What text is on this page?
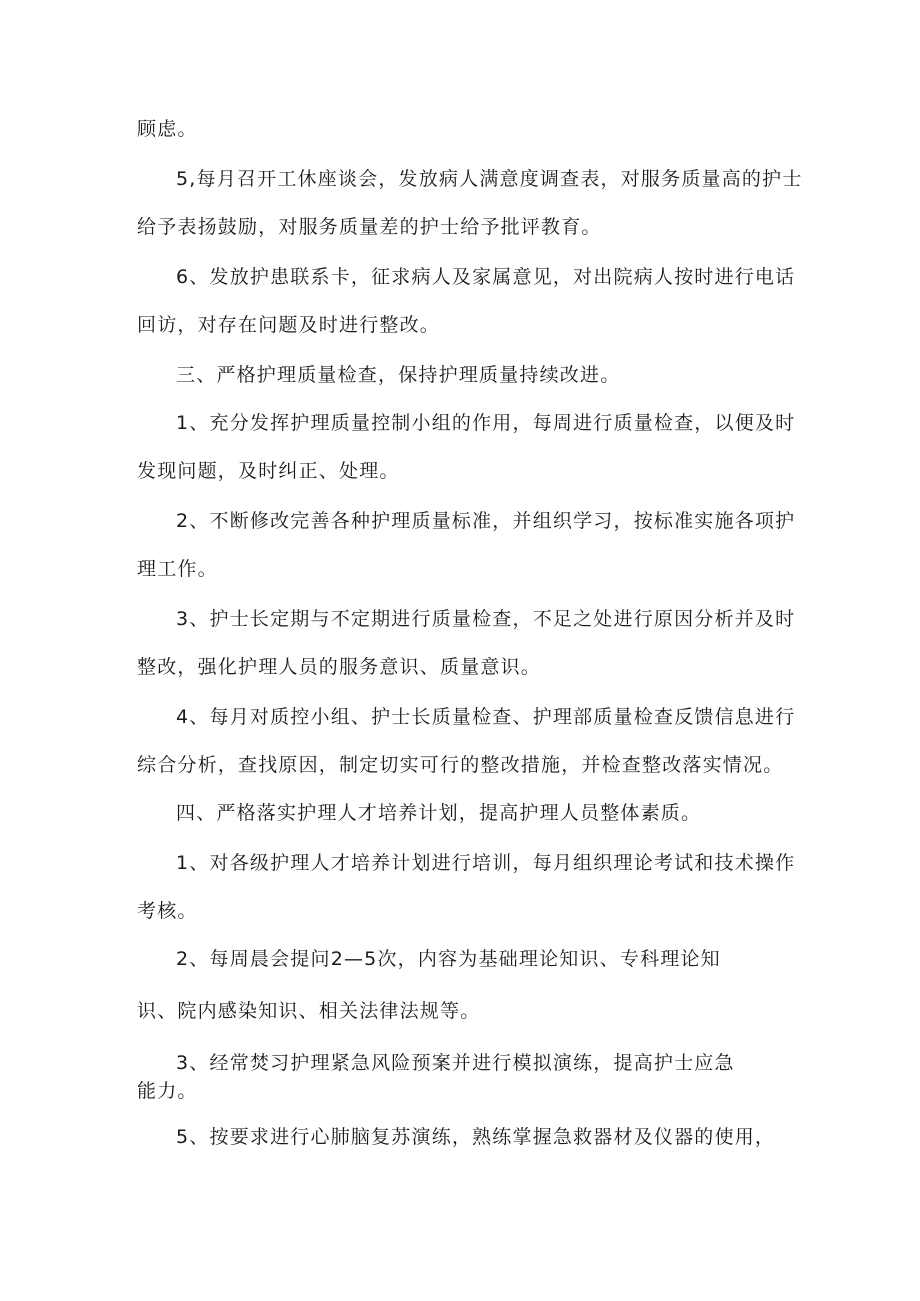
顾虑。
5,每月召开工休座谈会，发放病人满意度调查表，对服务质量高的护士
给予表扬鼓励，对服务质量差的护士给予批评教育。
6、发放护患联系卡，征求病人及家属意见，对出院病人按时进行电话
回访，对存在问题及时进行整改。
三、严格护理质量检查，保持护理质量持续改进。
1、充分发挥护理质量控制小组的作用，每周进行质量检查，以便及时
发现问题，及时纠正、处理。
2、不断修改完善各种护理质量标准，并组织学习，按标准实施各项护
理工作。
3、护士长定期与不定期进行质量检查，不足之处进行原因分析并及时
整改，强化护理人员的服务意识、质量意识。
4、每月对质控小组、护士长质量检查、护理部质量检查反馈信息进行
综合分析，查找原因，制定切实可行的整改措施，并检查整改落实情况。
四、严格落实护理人才培养计划，提高护理人员整体素质。
1、对各级护理人才培养计划进行培训，每月组织理论考试和技术操作
考核。
2、每周晨会提问2—5次，内容为基础理论知识、专科理论知
识、院内感染知识、相关法律法规等。
3、经常焚习护理紧急风险预案并进行模拟演练，提高护士应急
能力。
5、按要求进行心肺脑复苏演练，熟练掌握急救器材及仪器的使用，
